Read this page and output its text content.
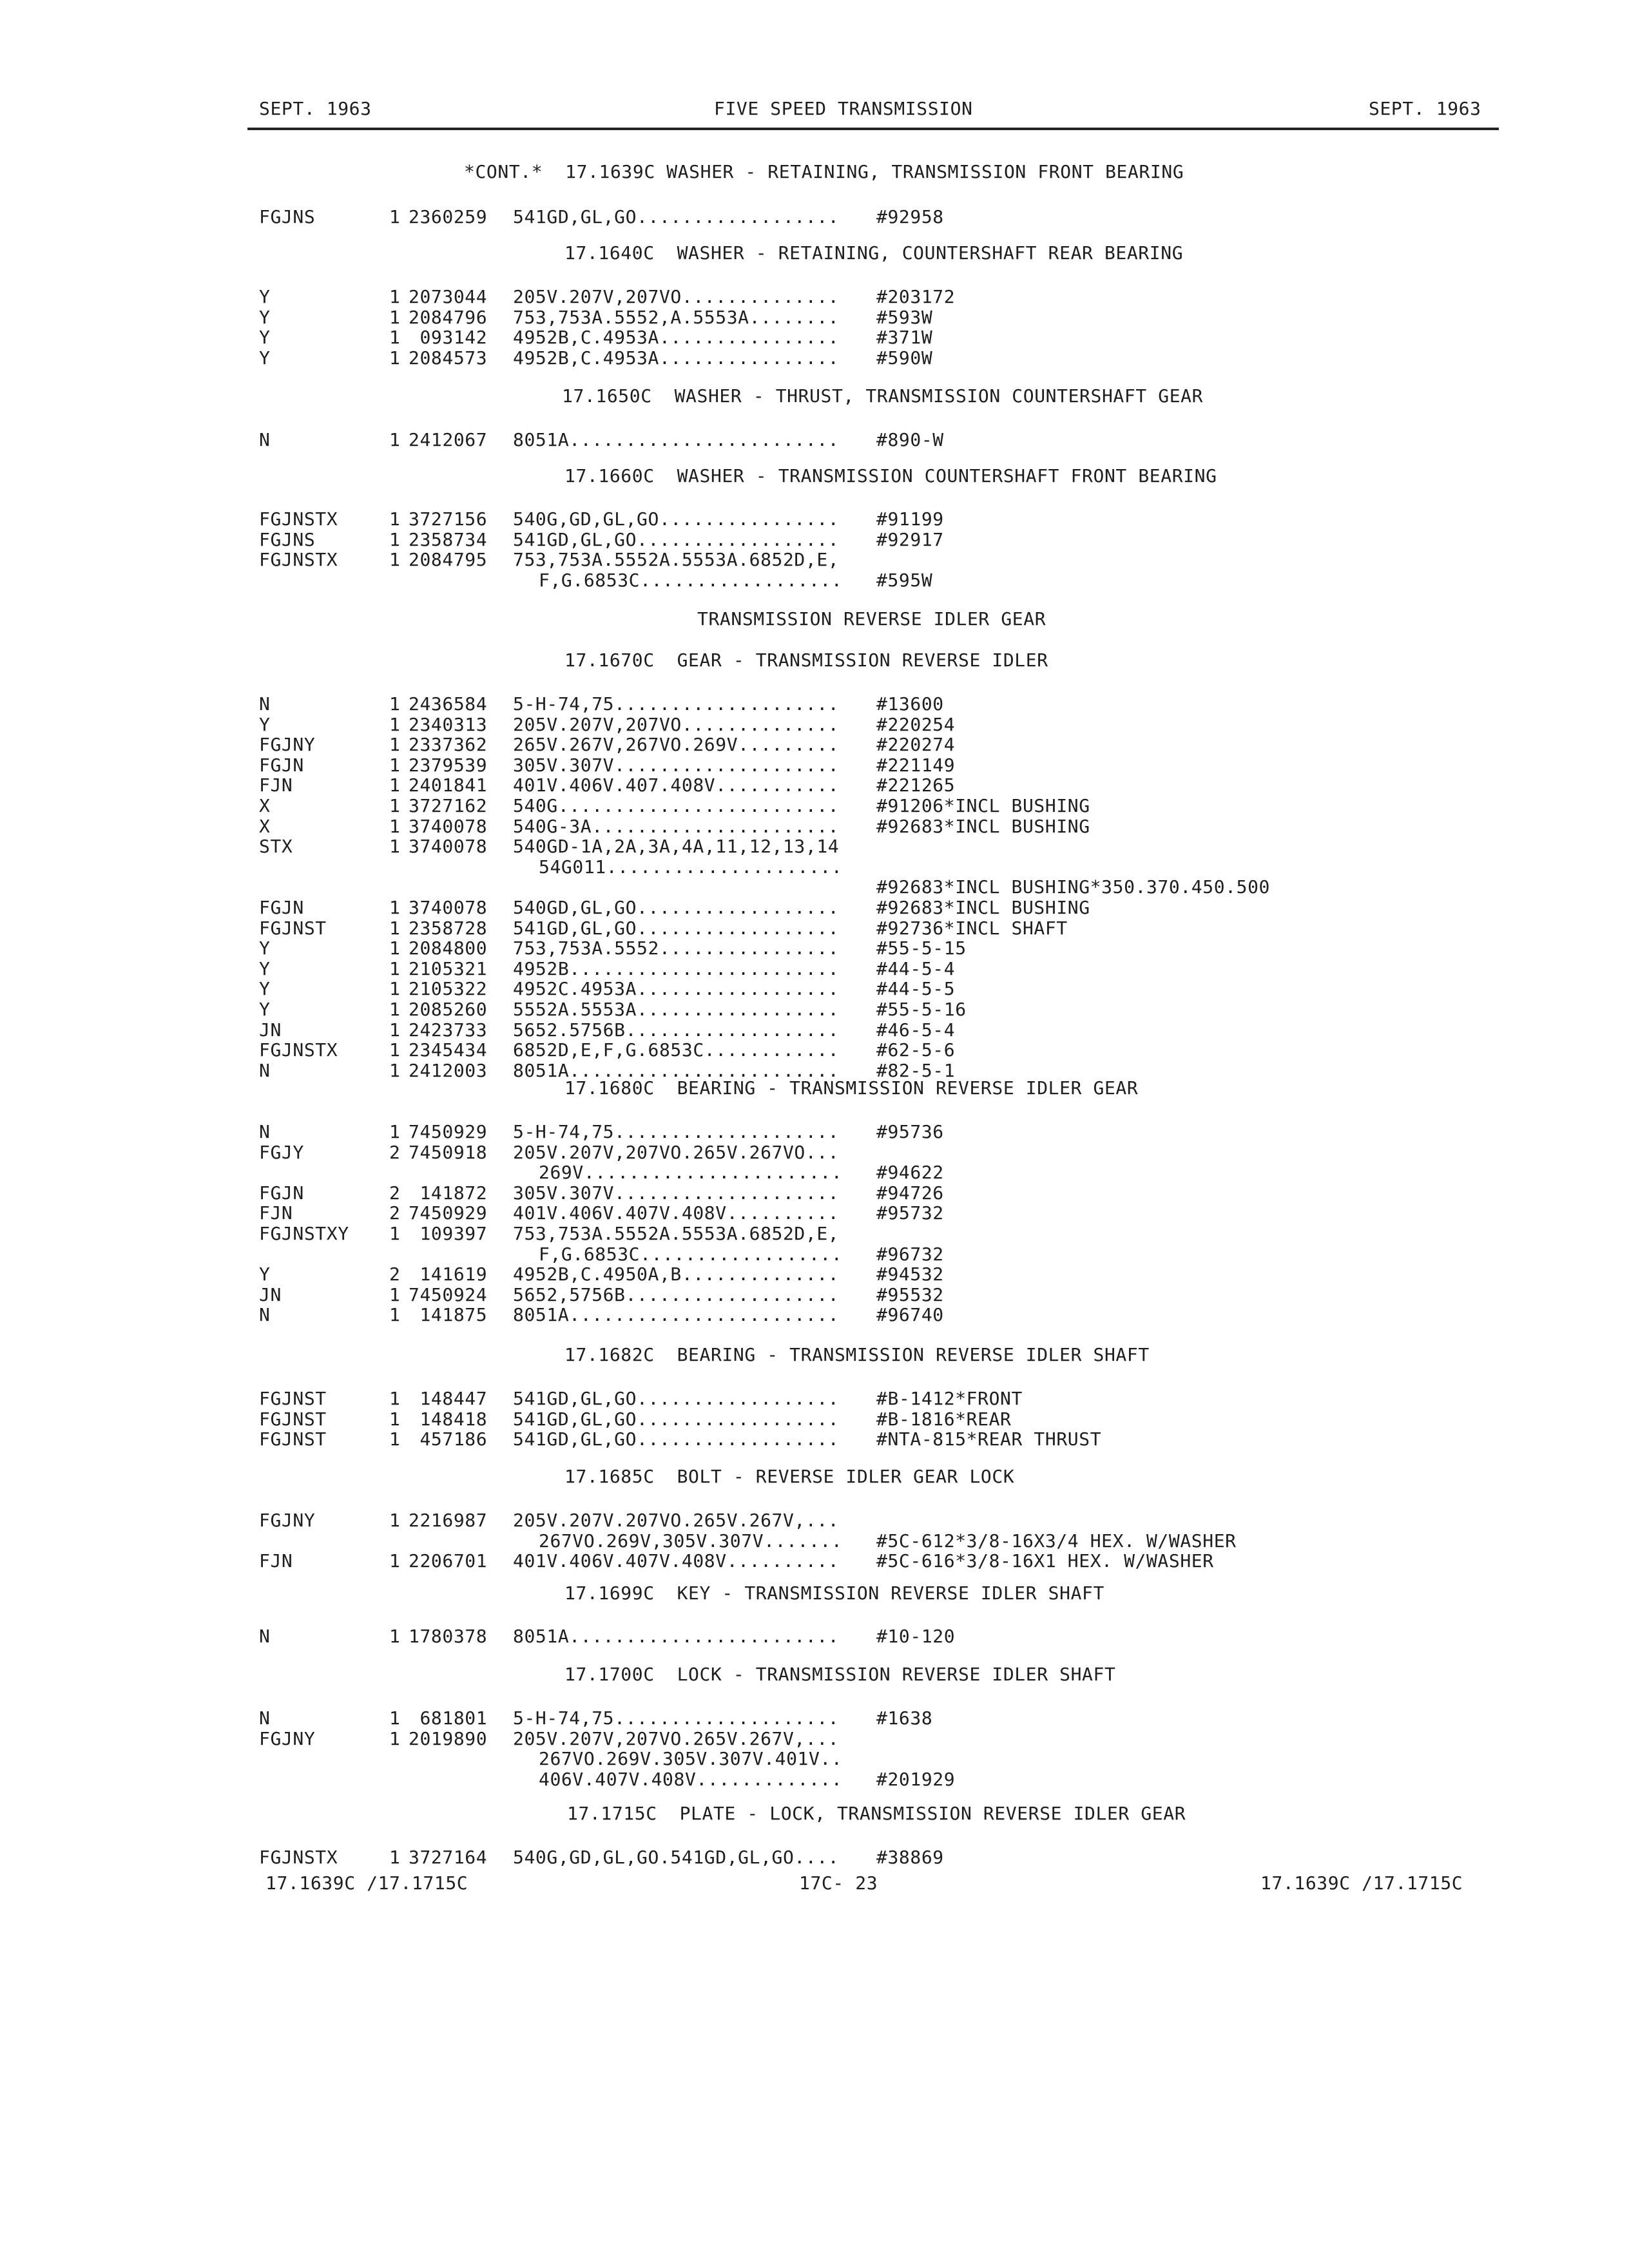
SEPT. 1963	FIVE SPEED TRANSMISSION	SEPT. 1963
*CONT.*  17.1639C WASHER - RETAINING, TRANSMISSION FRONT BEARING
FGJNS	1 2360259 541GD,GL,GO.................. #92958
17.1640C  WASHER - RETAINING, COUNTERSHAFT REAR BEARING
Y	1 2073044 205V.207V,207VO.............. #203172
Y	1 2084796 753,753A.5552,A.5553A........ #593W
Y	1 093142 4952B,C.4953A................ #371W
Y	1 2084573 4952B,C.4953A................ #590W
17.1650C  WASHER - THRUST, TRANSMISSION COUNTERSHAFT GEAR
N	1 2412067 8051A........................ #890-W
17.1660C  WASHER - TRANSMISSION COUNTERSHAFT FRONT BEARING
FGJNSTX	1 3727156 540G,GD,GL,GO................ #91199
FGJNS	1 2358734 541GD,GL,GO.................. #92917
FGJNSTX	1 2084795 753,753A.5552A.5553A.6852D,E,
F,G.6853C.................. #595W
TRANSMISSION REVERSE IDLER GEAR
17.1670C  GEAR - TRANSMISSION REVERSE IDLER
N	1 2436584 5-H-74,75.................... #13600
Y	1 2340313 205V.207V,207VO.............. #220254
FGJNY	1 2337362 265V.267V,267VO.269V......... #220274
FGJN	1 2379539 305V.307V.................... #221149
FJN	1 2401841 401V.406V.407.408V........... #221265
X	1 3727162 540G......................... #91206*INCL BUSHING
X	1 3740078 540G-3A...................... #92683*INCL BUSHING
STX	1 3740078 540GD-1A,2A,3A,4A,11,12,13,14
54G011.....................
#92683*INCL BUSHING*350.370.450.500
FGJN	1 3740078 540GD,GL,GO.................. #92683*INCL BUSHING
FGJNST	1 2358728 541GD,GL,GO.................. #92736*INCL SHAFT
Y	1 2084800 753,753A.5552................ #55-5-15
Y	1 2105321 4952B........................ #44-5-4
Y	1 2105322 4952C.4953A.................. #44-5-5
Y	1 2085260 5552A.5553A.................. #55-5-16
JN	1 2423733 5652.5756B................... #46-5-4
FGJNSTX	1 2345434 6852D,E,F,G.6853C............ #62-5-6
N	1 2412003 8051A........................ #82-5-1
17.1680C  BEARING - TRANSMISSION REVERSE IDLER GEAR
N	1 7450929 5-H-74,75.................... #95736
FGJY	2 7450918 205V.207V,207VO.265V.267VO...
269V....................... #94622
FGJN	2 141872 305V.307V.................... #94726
FJN	2 7450929 401V.406V.407V.408V.......... #95732
FGJNSTXY 1 109397 753,753A.5552A.5553A.6852D,E,
F,G.6853C.................. #96732
Y	2 141619 4952B,C.4950A,B.............. #94532
JN	1 7450924 5652,5756B................... #95532
N	1 141875 8051A........................ #96740
17.1682C  BEARING - TRANSMISSION REVERSE IDLER SHAFT
FGJNST	1 148447 541GD,GL,GO.................. #B-1412*FRONT
FGJNST	1 148418 541GD,GL,GO.................. #B-1816*REAR
FGJNST	1 457186 541GD,GL,GO.................. #NTA-815*REAR THRUST
17.1685C  BOLT - REVERSE IDLER GEAR LOCK
FGJNY	1 2216987 205V.207V.207VO.265V.267V,...
267VO.269V,305V.307V....... #5C-612*3/8-16X3/4 HEX. W/WASHER
FJN	1 2206701 401V.406V.407V.408V.......... #5C-616*3/8-16X1 HEX. W/WASHER
17.1699C  KEY - TRANSMISSION REVERSE IDLER SHAFT
N	1 1780378 8051A........................ #10-120
17.1700C  LOCK - TRANSMISSION REVERSE IDLER SHAFT
N	1 681801 5-H-74,75.................... #1638
FGJNY	1 2019890 205V.207V,207VO.265V.267V,...
267VO.269V.305V.307V.401V..
406V.407V.408V............. #201929
17.1715C  PLATE - LOCK, TRANSMISSION REVERSE IDLER GEAR
FGJNSTX	1 3727164 540G,GD,GL,GO.541GD,GL,GO.... #38869
17.1639C /17.1715C	17C- 23	17.1639C /17.1715C
